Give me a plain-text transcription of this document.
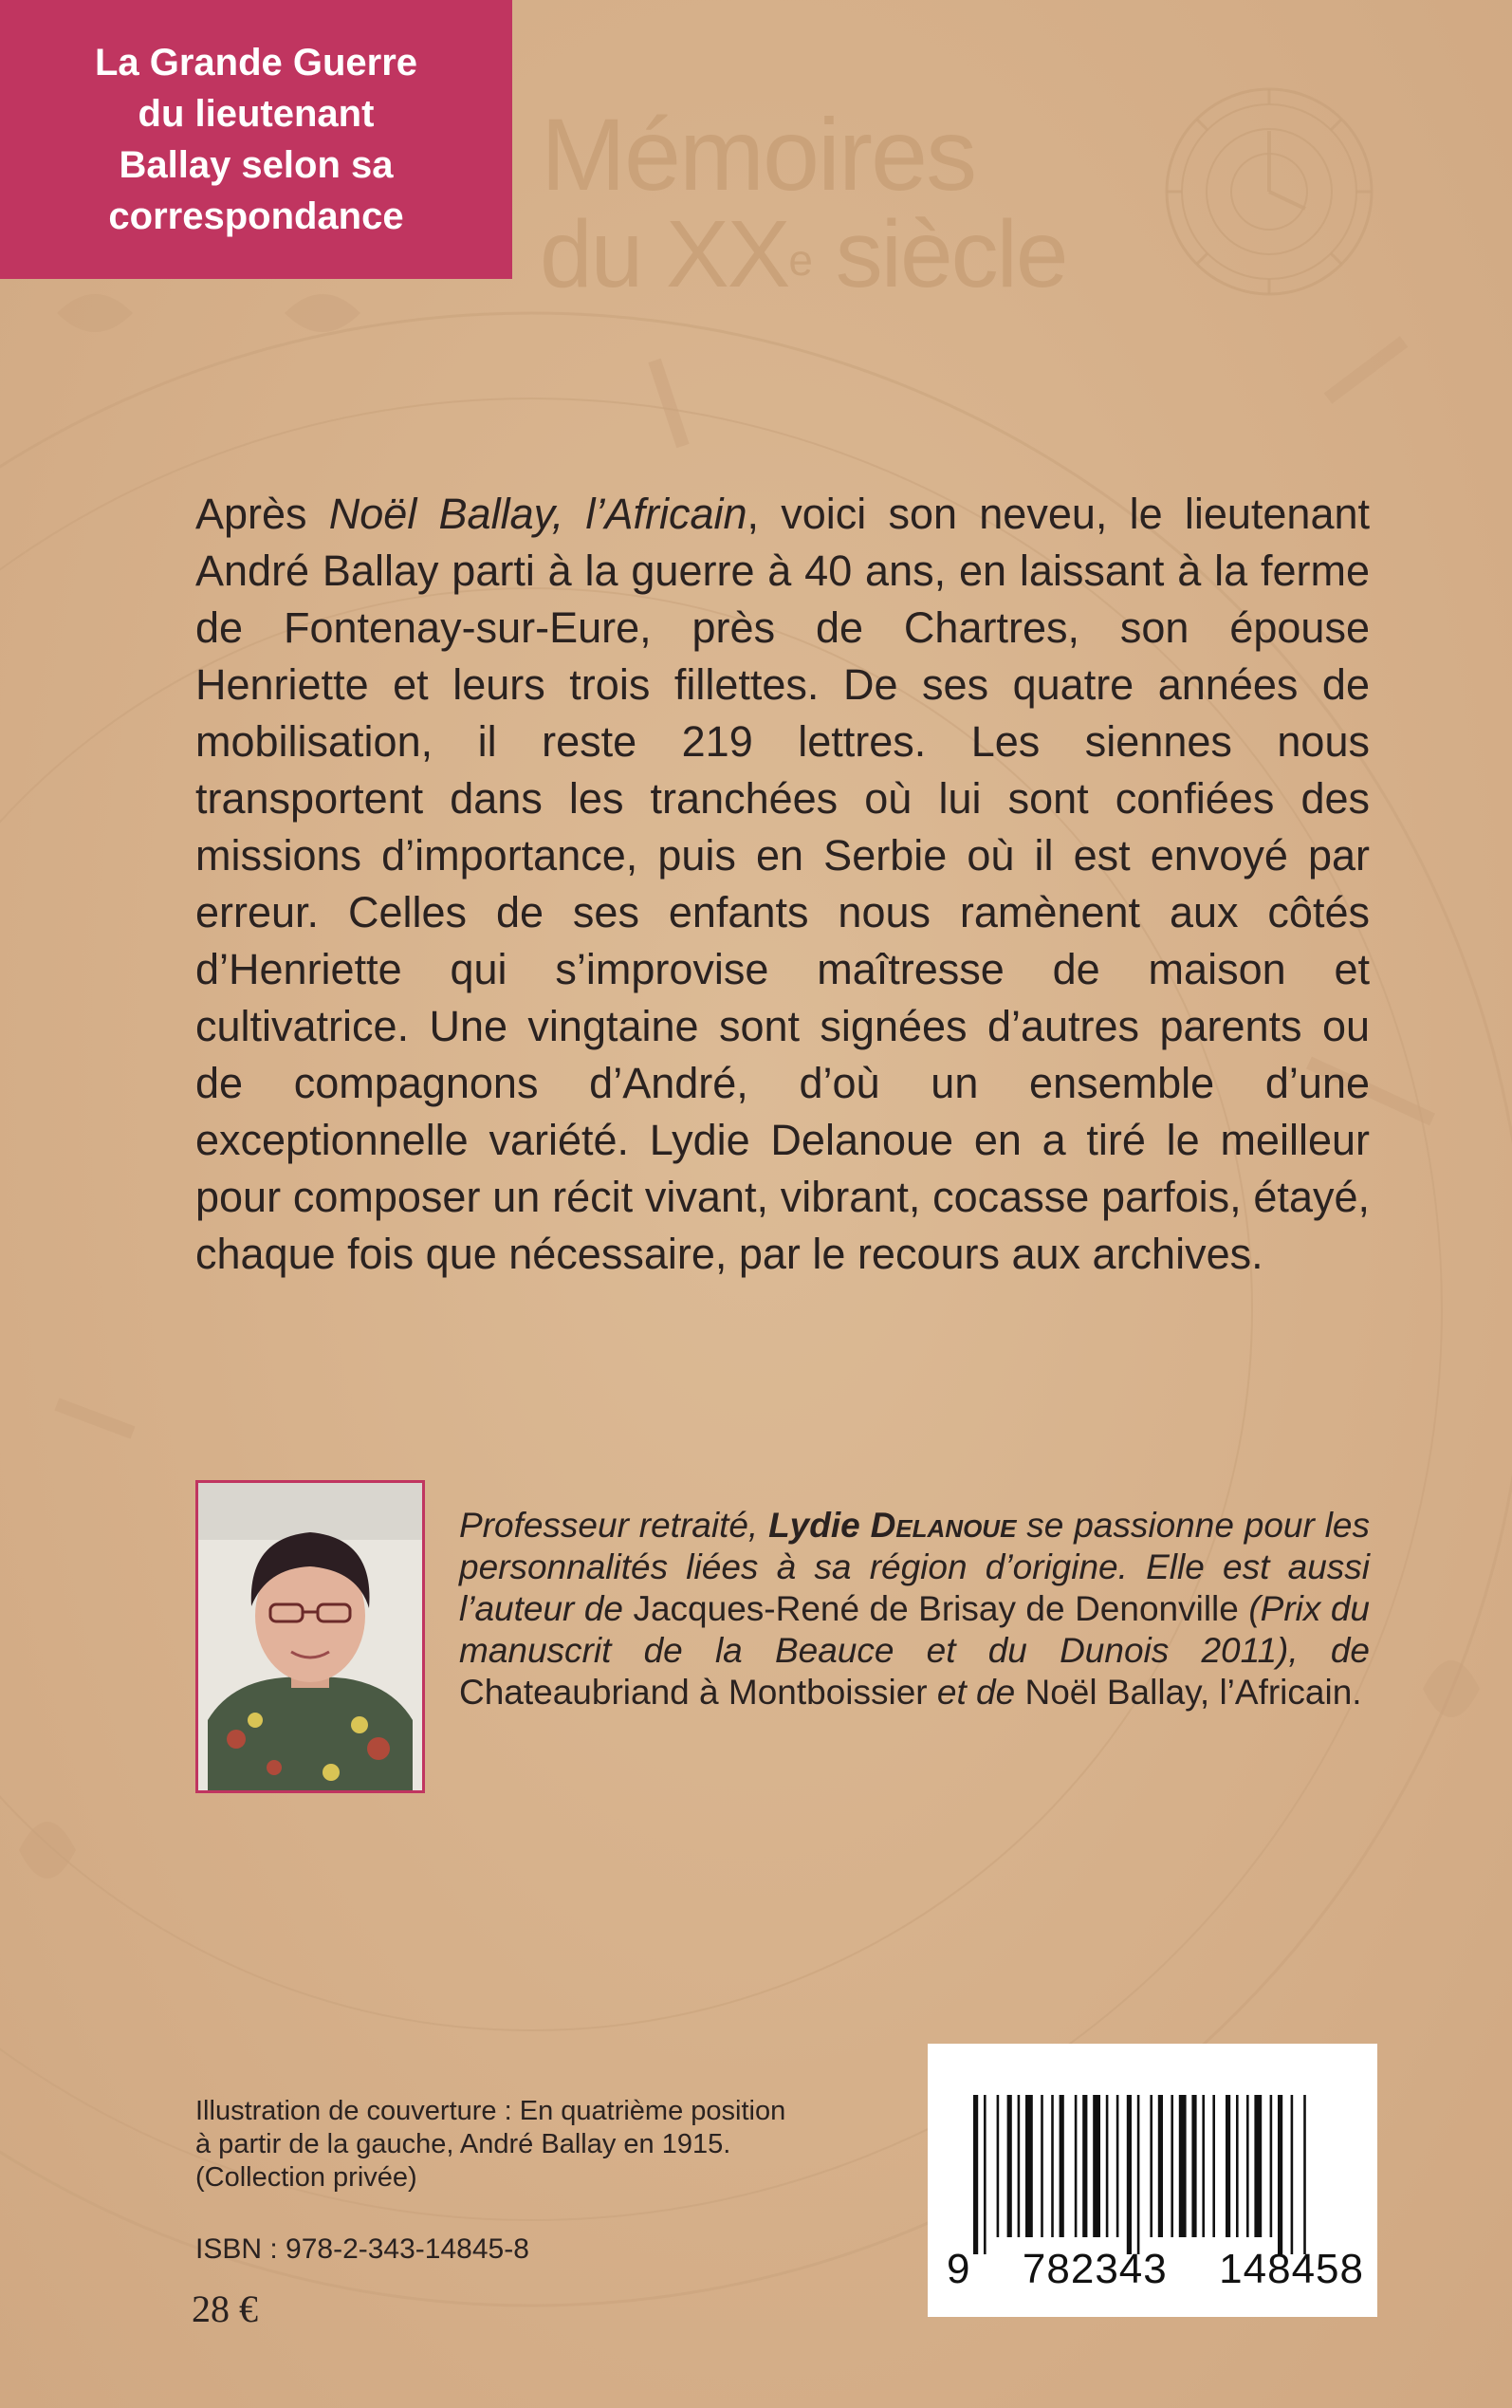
La Grande Guerre
du lieutenant
Ballay selon sa
correspondance
Mémoires
du XXe siècle

Après Noël Ballay, l’Africain, voici son neveu, le lieutenant André Ballay parti à la guerre à 40 ans, en laissant à la ferme de Fontenay-sur-Eure, près de Chartres, son épouse Henriette et leurs trois fillettes. De ses quatre années de mobilisation, il reste 219 lettres. Les siennes nous transportent dans les tranchées où lui sont confiées des missions d’importance, puis en Serbie où il est envoyé par erreur. Celles de ses enfants nous ramènent aux côtés d’Henriette qui s’improvise maîtresse de maison et cultivatrice. Une vingtaine sont signées d’autres parents ou de compagnons d’André, d’où un ensemble d’une exceptionnelle variété. Lydie Delanoue en a tiré le meilleur pour composer un récit vivant, vibrant, cocasse parfois, étayé, chaque fois que nécessaire, par le recours aux archives.

Professeur retraité, Lydie Delanoue se passionne pour les personnalités liées à sa région d’origine. Elle est aussi l’auteur de Jacques-René de Brisay de Denonville (Prix du manuscrit de la Beauce et du Dunois 2011), de Chateaubriand à Montboissier et de Noël Ballay, l’Africain.

Illustration de couverture : En quatrième position

à partir de la gauche, André Ballay en 1915.

(Collection privée)

ISBN : 978-2-343-14845-8
28 €
9 782343 148458
